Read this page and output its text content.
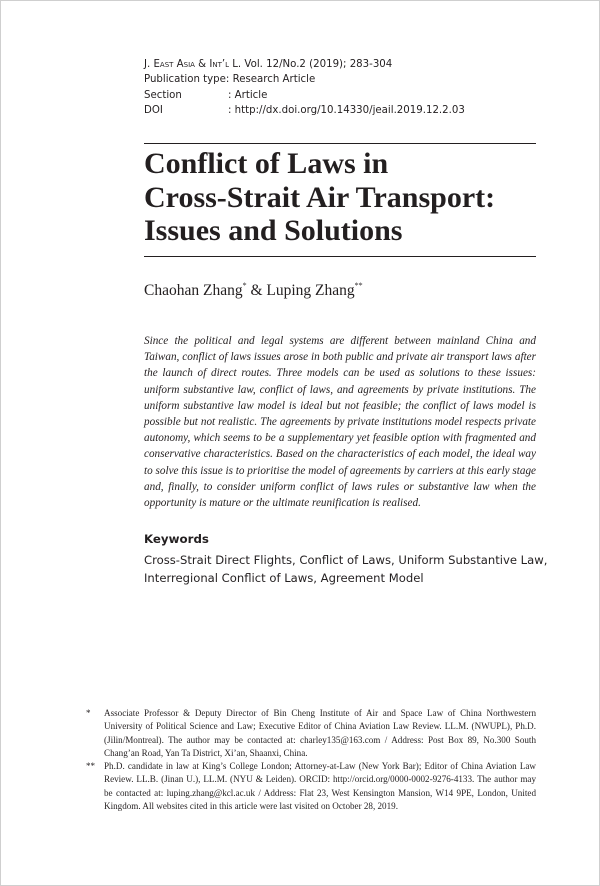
J. East Asia & Int’l L. Vol. 12/No.2 (2019); 283-304
Publication type: Research Article
Section	: Article
DOI	: http://dx.doi.org/10.14330/jeail.2019.12.2.03
Conflict of Laws in
Cross-Strait Air Transport:
Issues and Solutions
Chaohan Zhang* & Luping Zhang**

Since the political and legal systems are different between mainland China and Taiwan, conflict of laws issues arose in both public and private air transport laws after the launch of direct routes. Three models can be used as solutions to these issues: uniform substantive law, conflict of laws, and agreements by private institutions. The uniform substantive law model is ideal but not feasible; the conflict of laws model is possible but not realistic. The agreements by private institutions model respects private autonomy, which seems to be a supplementary yet feasible option with fragmented and conservative characteristics. Based on the characteristics of each model, the ideal way to solve this issue is to prioritise the model of agreements by carriers at this early stage and, finally, to consider uniform conflict of laws rules or substantive law when the opportunity is mature or the ultimate reunification is realised.

Keywords
Cross-Strait Direct Flights, Conflict of Laws, Uniform Substantive Law,
Interregional Conflict of Laws, Agreement Model
*	Associate Professor & Deputy Director of Bin Cheng Institute of Air and Space Law of China Northwestern University of Political Science and Law; Executive Editor of China Aviation Law Review. LL.M. (NWUPL), Ph.D. (Jilin/Montreal). The author may be contacted at: charley135@163.com / Address: Post Box 89, No.300 South Chang’an Road, Yan Ta District, Xi’an, Shaanxi, China.
** Ph.D. candidate in law at King’s College London; Attorney-at-Law (New York Bar); Editor of China Aviation Law Review. LL.B. (Jinan U.), LL.M. (NYU & Leiden). ORCID: http://orcid.org/0000-0002-9276-4133. The author may be contacted at: luping.zhang@kcl.ac.uk / Address: Flat 23, West Kensington Mansion, W14 9PE, London, United Kingdom. All websites cited in this article were last visited on October 28, 2019.
